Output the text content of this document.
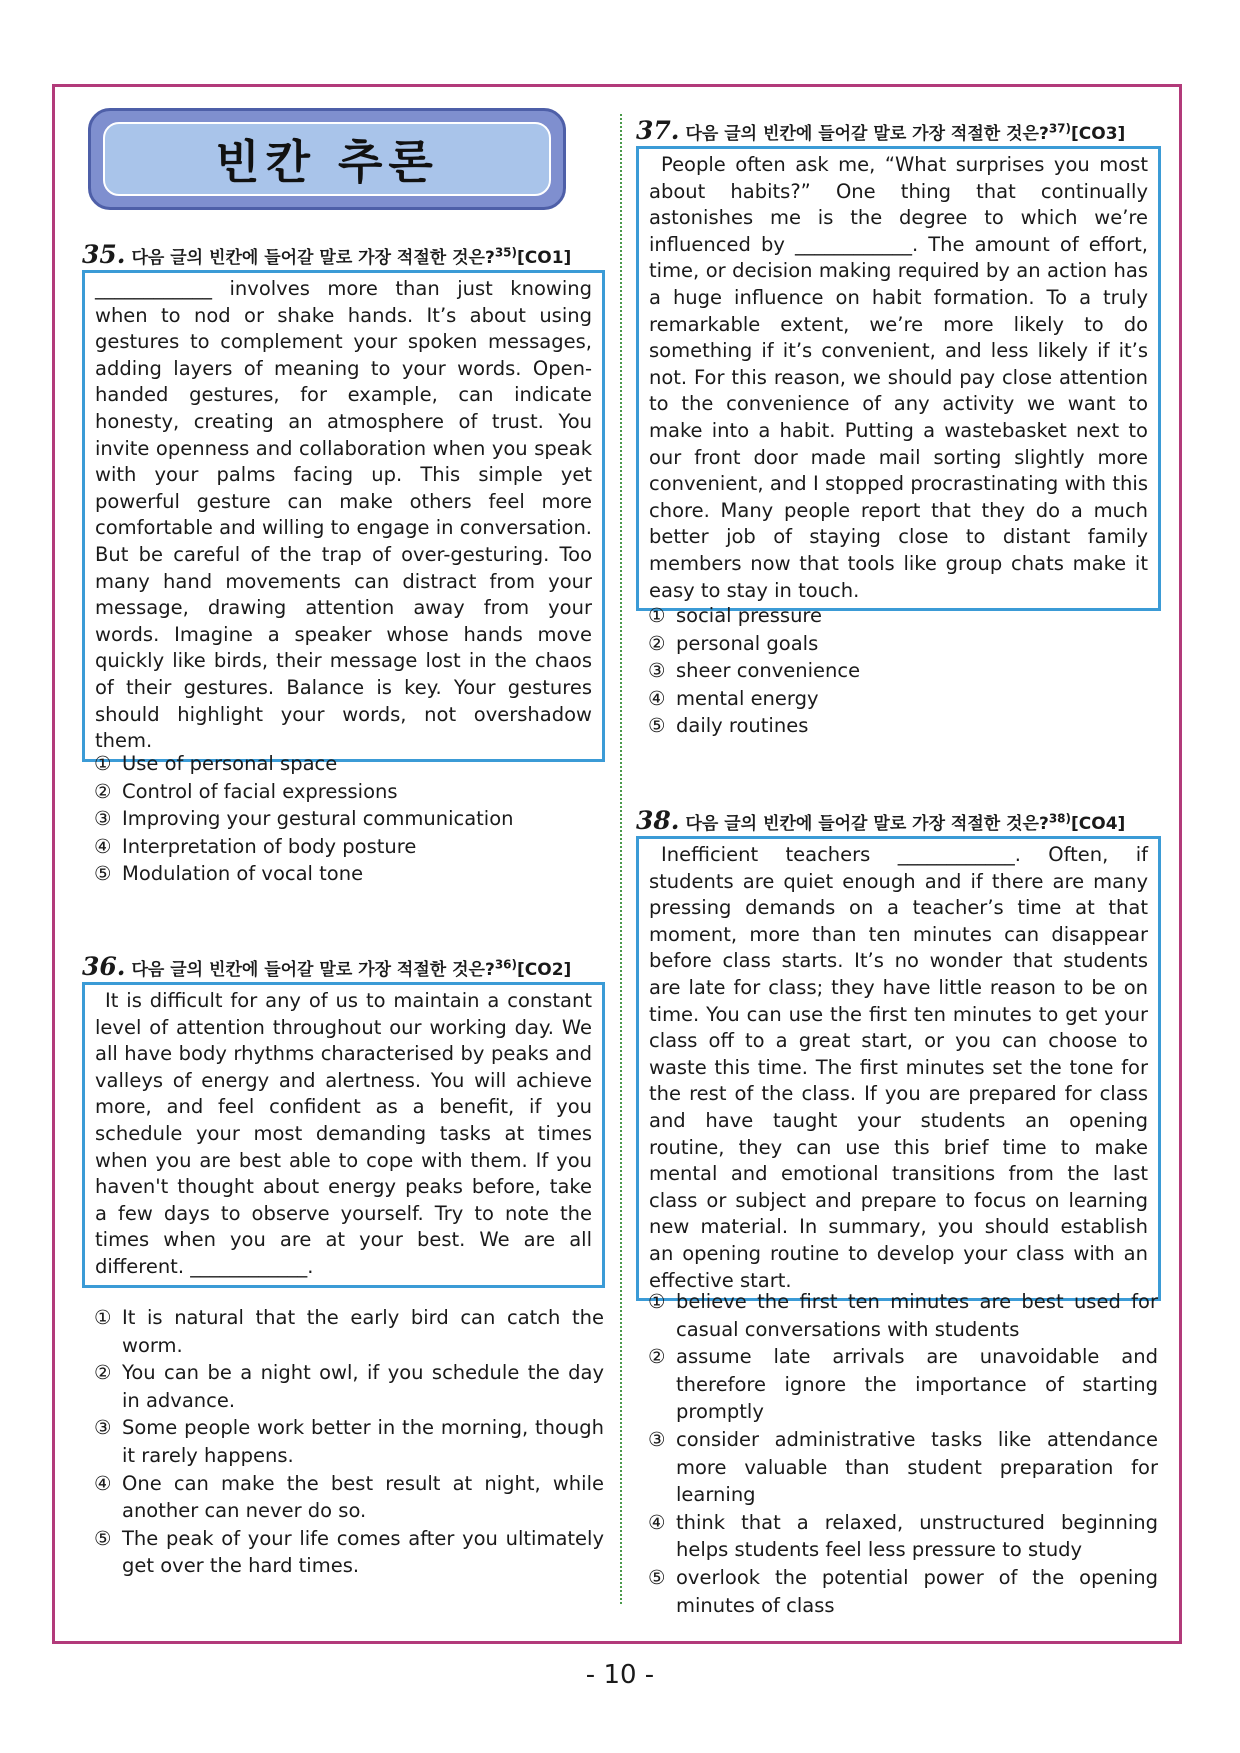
빈칸 추론
35. 다음 글의 빈칸에 들어갈 말로 가장 적절한 것은?$^{35)}$[CO1]
____________ involves more than just knowing when to nod or shake hands. It’s about using gestures to complement your spoken messages, adding layers of meaning to your words. Open-handed gestures, for example, can indicate honesty, creating an atmosphere of trust. You invite openness and collaboration when you speak with your palms facing up. This simple yet powerful gesture can make others feel more comfortable and willing to engage in conversation. But be careful of the trap of over-gesturing. Too many hand movements can distract from your message, drawing attention away from your words. Imagine a speaker whose hands move quickly like birds, their message lost in the chaos of their gestures. Balance is key. Your gestures should highlight your words, not overshadow them.
① Use of personal space
② Control of facial expressions
③ Improving your gestural communication
④ Interpretation of body posture
⑤ Modulation of vocal tone
36. 다음 글의 빈칸에 들어갈 말로 가장 적절한 것은?$^{36)}$[CO2]
It is difficult for any of us to maintain a constant level of attention throughout our working day. We all have body rhythms characterised by peaks and valleys of energy and alertness. You will achieve more, and feel confident as a benefit, if you schedule your most demanding tasks at times when you are best able to cope with them. If you haven't thought about energy peaks before, take a few days to observe yourself. Try to note the times when you are at your best. We are all different. ____________.
① It is natural that the early bird can catch the worm.
② You can be a night owl, if you schedule the day in advance.
③ Some people work better in the morning, though it rarely happens.
④ One can make the best result at night, while another can never do so.
⑤ The peak of your life comes after you ultimately get over the hard times.
37. 다음 글의 빈칸에 들어갈 말로 가장 적절한 것은?$^{37)}$[CO3]
People often ask me, “What surprises you most about habits?” One thing that continually astonishes me is the degree to which we’re influenced by ____________. The amount of effort, time, or decision making required by an action has a huge influence on habit formation. To a truly remarkable extent, we’re more likely to do something if it’s convenient, and less likely if it’s not. For this reason, we should pay close attention to the convenience of any activity we want to make into a habit. Putting a wastebasket next to our front door made mail sorting slightly more convenient, and I stopped procrastinating with this chore. Many people report that they do a much better job of staying close to distant family members now that tools like group chats make it easy to stay in touch.
① social pressure
② personal goals
③ sheer convenience
④ mental energy
⑤ daily routines
38. 다음 글의 빈칸에 들어갈 말로 가장 적절한 것은?$^{38)}$[CO4]
Inefficient teachers ____________. Often, if students are quiet enough and if there are many pressing demands on a teacher’s time at that moment, more than ten minutes can disappear before class starts. It’s no wonder that students are late for class; they have little reason to be on time. You can use the first ten minutes to get your class off to a great start, or you can choose to waste this time. The first minutes set the tone for the rest of the class. If you are prepared for class and have taught your students an opening routine, they can use this brief time to make mental and emotional transitions from the last class or subject and prepare to focus on learning new material. In summary, you should establish an opening routine to develop your class with an effective start.
① believe the first ten minutes are best used for casual conversations with students
② assume late arrivals are unavoidable and therefore ignore the importance of starting promptly
③ consider administrative tasks like attendance more valuable than student preparation for learning
④ think that a relaxed, unstructured beginning helps students feel less pressure to study
⑤ overlook the potential power of the opening minutes of class
- 10 -
